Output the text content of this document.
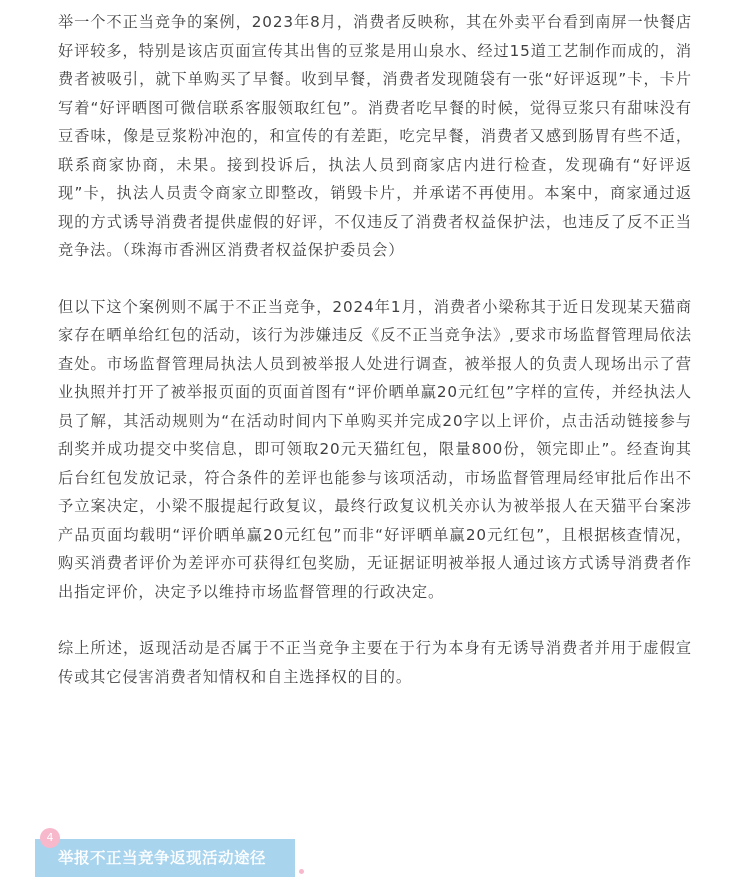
举一个不正当竞争的案例，2023年8月，消费者反映称，其在外卖平台看到南屏一快餐店好评较多，特别是该店页面宣传其出售的豆浆是用山泉水、经过15道工艺制作而成的，消费者被吸引，就下单购买了早餐。收到早餐，消费者发现随袋有一张“好评返现”卡，卡片写着“好评晒图可微信联系客服领取红包”。消费者吃早餐的时候，觉得豆浆只有甜味没有豆香味，像是豆浆粉冲泡的，和宣传的有差距，吃完早餐，消费者又感到肠胃有些不适，联系商家协商，未果。接到投诉后，执法人员到商家店内进行检查，发现确有“好评返现”卡，执法人员责令商家立即整改，销毁卡片，并承诺不再使用。本案中，商家通过返现的方式诱导消费者提供虚假的好评，不仅违反了消费者权益保护法，也违反了反不正当竞争法。（珠海市香洲区消费者权益保护委员会）

但以下这个案例则不属于不正当竞争，2024年1月，消费者小梁称其于近日发现某天猫商家存在晒单给红包的活动，该行为涉嫌违反《反不正当竞争法》,要求市场监督管理局依法查处。市场监督管理局执法人员到被举报人处进行调查，被举报人的负责人现场出示了营业执照并打开了被举报页面的页面首图有“评价晒单赢20元红包”字样的宣传，并经执法人员了解，其活动规则为“在活动时间内下单购买并完成20字以上评价，点击活动链接参与刮奖并成功提交中奖信息，即可领取20元天猫红包，限量800份，领完即止”。经查询其后台红包发放记录，符合条件的差评也能参与该项活动，市场监督管理局经审批后作出不予立案决定，小梁不服提起行政复议，最终行政复议机关亦认为被举报人在天猫平台案涉产品页面均载明“评价晒单赢20元红包”而非“好评晒单赢20元红包”，且根据核查情况，购买消费者评价为差评亦可获得红包奖励，无证据证明被举报人通过该方式诱导消费者作出指定评价，决定予以维持市场监督管理的行政决定。

综上所述，返现活动是否属于不正当竞争主要在于行为本身有无诱导消费者并用于虚假宣传或其它侵害消费者知情权和自主选择权的目的。

4
举报不正当竞争返现活动途径
